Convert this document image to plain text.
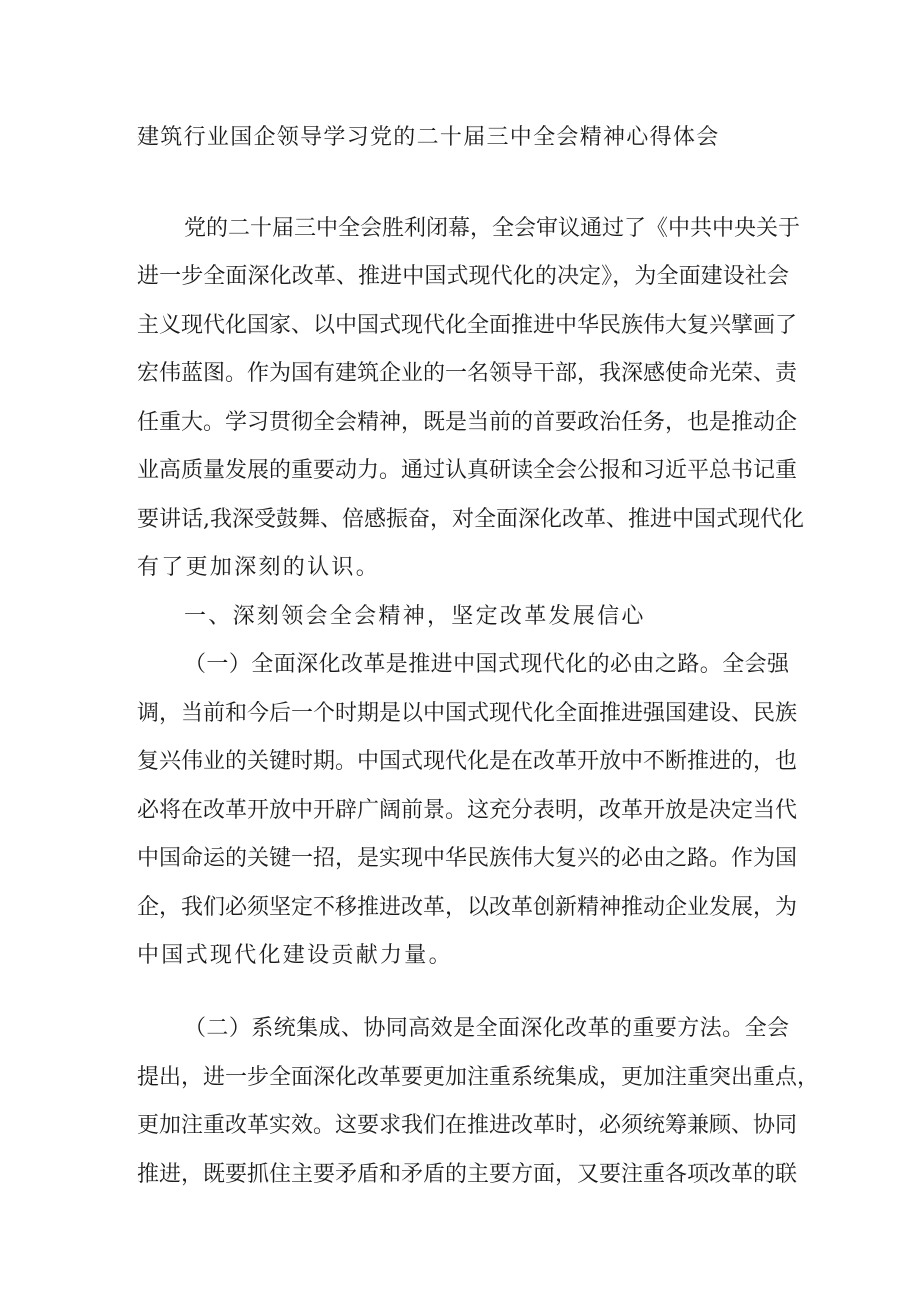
建筑行业国企领导学习党的二十届三中全会精神心得体会

党的二十届三中全会胜利闭幕，全会审议通过了《中共中央关于

进一步全面深化改革、推进中国式现代化的决定》，为全面建设社会

主义现代化国家、以中国式现代化全面推进中华民族伟大复兴擘画了

宏伟蓝图。作为国有建筑企业的一名领导干部，我深感使命光荣、责

任重大。学习贯彻全会精神，既是当前的首要政治任务，也是推动企

业高质量发展的重要动力。通过认真研读全会公报和习近平总书记重

要讲话,我深受鼓舞、倍感振奋，对全面深化改革、推进中国式现代化

有了更加深刻的认识。

一、深刻领会全会精神，坚定改革发展信心

（一）全面深化改革是推进中国式现代化的必由之路。全会强

调，当前和今后一个时期是以中国式现代化全面推进强国建设、民族

复兴伟业的关键时期。中国式现代化是在改革开放中不断推进的，也

必将在改革开放中开辟广阔前景。这充分表明，改革开放是决定当代

中国命运的关键一招，是实现中华民族伟大复兴的必由之路。作为国

企，我们必须坚定不移推进改革，以改革创新精神推动企业发展，为

中国式现代化建设贡献力量。

（二）系统集成、协同高效是全面深化改革的重要方法。全会

提出，进一步全面深化改革要更加注重系统集成，更加注重突出重点，

更加注重改革实效。这要求我们在推进改革时，必须统筹兼顾、协同

推进，既要抓住主要矛盾和矛盾的主要方面，又要注重各项改革的联
